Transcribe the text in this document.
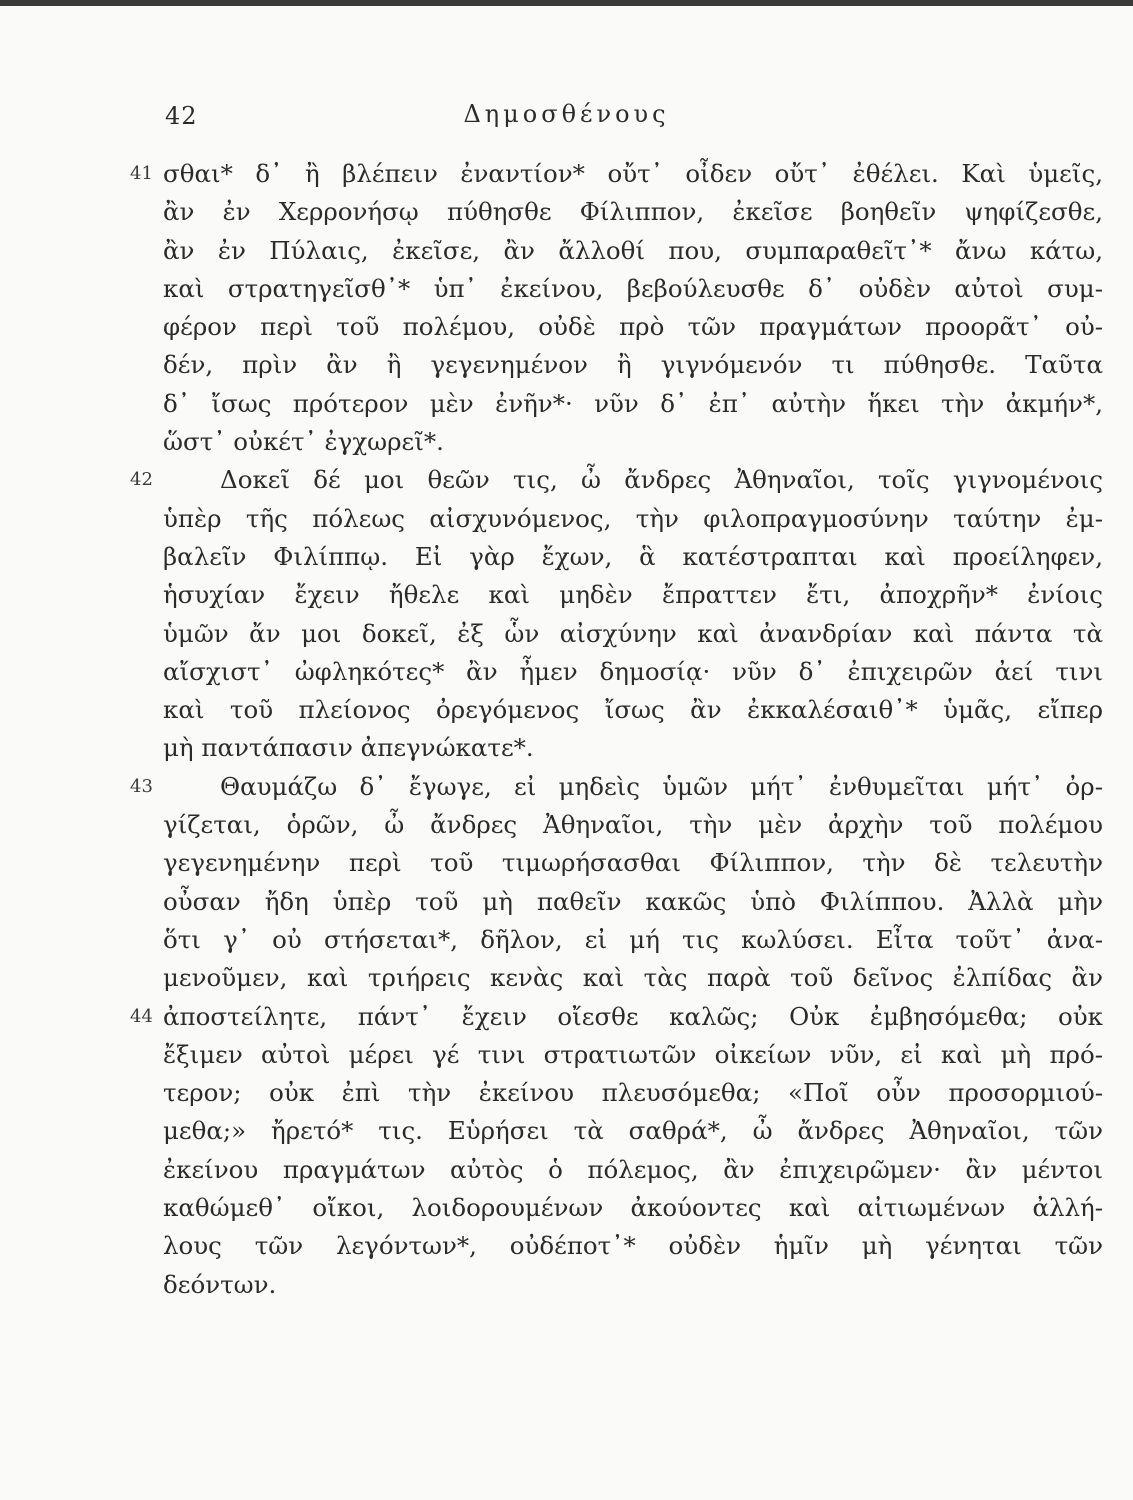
Δημοσθένους
42
41 σθαι* δ᾽ ἢ βλέπειν ἐναντίον* οὔτ᾽ οἶδεν οὔτ᾽ ἐθέλει. Καὶ ὑμεῖς,
ἂν ἐν Χερρονήσῳ πύθησθε Φίλιππον, ἐκεῖσε βοηθεῖν ψηφίζεσθε,
ἂν ἐν Πύλαις, ἐκεῖσε, ἂν ἄλλοθί που, συμπαραθεῖτ᾽* ἄνω κάτω,
καὶ στρατηγεῖσθ᾽* ὑπ᾽ ἐκείνου, βεβούλευσθε δ᾽ οὐδὲν αὐτοὶ συμ-
φέρον περὶ τοῦ πολέμου, οὐδὲ πρὸ τῶν πραγμάτων προορᾶτ᾽ οὐ-
δέν, πρὶν ἂν ἢ γεγενημένον ἢ γιγνόμενόν τι πύθησθε. Ταῦτα
δ᾽ ἴσως πρότερον μὲν ἐνῆν*· νῦν δ᾽ ἐπ᾽ αὐτὴν ἥκει τὴν ἀκμήν*,
ὥστ᾽ οὐκέτ᾽ ἐγχωρεῖ*.
42	Δοκεῖ δέ μοι θεῶν τις, ὦ ἄνδρες Ἀθηναῖοι, τοῖς γιγνομένοις
ὑπὲρ τῆς πόλεως αἰσχυνόμενος, τὴν φιλοπραγμοσύνην ταύτην ἐμ-
βαλεῖν Φιλίππῳ. Εἰ γὰρ ἔχων, ἃ κατέστραπται καὶ προείληφεν,
ἡσυχίαν ἔχειν ἤθελε καὶ μηδὲν ἔπραττεν ἔτι, ἀποχρῆν* ἐνίοις
ὑμῶν ἄν μοι δοκεῖ, ἐξ ὧν αἰσχύνην καὶ ἀνανδρίαν καὶ πάντα τὰ
αἴσχιστ᾽ ὠφληκότες* ἂν ἦμεν δημοσίᾳ· νῦν δ᾽ ἐπιχειρῶν ἀεί τινι
καὶ τοῦ πλείονος ὀρεγόμενος ἴσως ἂν ἐκκαλέσαιθ᾽* ὑμᾶς, εἴπερ
μὴ παντάπασιν ἀπεγνώκατε*.
43	Θαυμάζω δ᾽ ἔγωγε, εἰ μηδεὶς ὑμῶν μήτ᾽ ἐνθυμεῖται μήτ᾽ ὀρ-
γίζεται, ὁρῶν, ὦ ἄνδρες Ἀθηναῖοι, τὴν μὲν ἀρχὴν τοῦ πολέμου
γεγενημένην περὶ τοῦ τιμωρήσασθαι Φίλιππον, τὴν δὲ τελευτὴν
οὖσαν ἤδη ὑπὲρ τοῦ μὴ παθεῖν κακῶς ὑπὸ Φιλίππου. Ἀλλὰ μὴν
ὅτι γ᾽ οὐ στήσεται*, δῆλον, εἰ μή τις κωλύσει. Εἶτα τοῦτ᾽ ἀνα-
μενοῦμεν, καὶ τριήρεις κενὰς καὶ τὰς παρὰ τοῦ δεῖνος ἐλπίδας ἂν
44 ἀποστείλητε, πάντ᾽ ἔχειν οἴεσθε καλῶς; Οὐκ ἐμβησόμεθα; οὐκ
ἔξιμεν αὐτοὶ μέρει γέ τινι στρατιωτῶν οἰκείων νῦν, εἰ καὶ μὴ πρό-
τερον; οὐκ ἐπὶ τὴν ἐκείνου πλευσόμεθα; «Ποῖ οὖν προσορμιού-
μεθα;» ἤρετό* τις. Εὑρήσει τὰ σαθρά*, ὦ ἄνδρες Ἀθηναῖοι, τῶν
ἐκείνου πραγμάτων αὐτὸς ὁ πόλεμος, ἂν ἐπιχειρῶμεν· ἂν μέντοι
καθώμεθ᾽ οἴκοι, λοιδορουμένων ἀκούοντες καὶ αἰτιωμένων ἀλλή-
λους τῶν λεγόντων*, οὐδέποτ᾽* οὐδὲν ἡμῖν μὴ γένηται τῶν
δεόντων.
